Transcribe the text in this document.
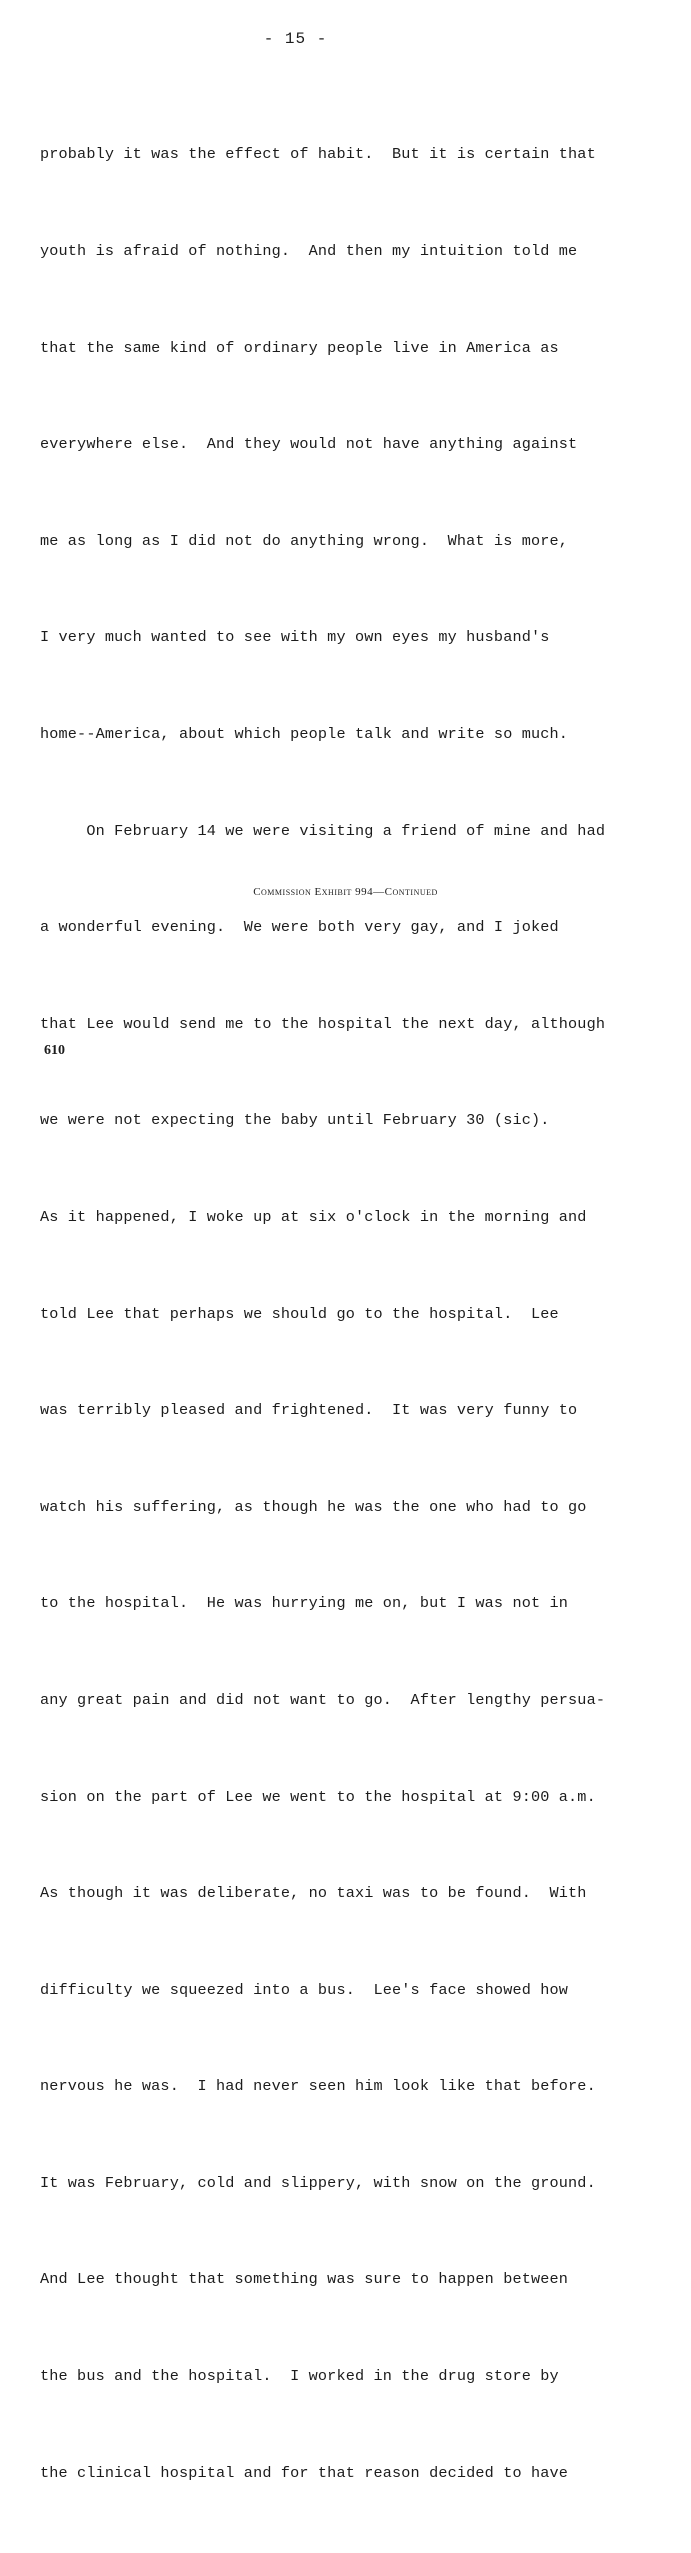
- 15 -

probably it was the effect of habit.  But it is certain that

youth is afraid of nothing.  And then my intuition told me

that the same kind of ordinary people live in America as

everywhere else.  And they would not have anything against

me as long as I did not do anything wrong.  What is more,

I very much wanted to see with my own eyes my husband's

home--America, about which people talk and write so much.

On February 14 we were visiting a friend of mine and had

a wonderful evening.  We were both very gay, and I joked

that Lee would send me to the hospital the next day, although

we were not expecting the baby until February 30 (sic).

As it happened, I woke up at six o'clock in the morning and

told Lee that perhaps we should go to the hospital.  Lee

was terribly pleased and frightened.  It was very funny to

watch his suffering, as though he was the one who had to go

to the hospital.  He was hurrying me on, but I was not in

any great pain and did not want to go.  After lengthy persua-

sion on the part of Lee we went to the hospital at 9:00 a.m.

As though it was deliberate, no taxi was to be found.  With

difficulty we squeezed into a bus.  Lee's face showed how

nervous he was.  I had never seen him look like that before.

It was February, cold and slippery, with snow on the ground.

And Lee thought that something was sure to happen between

the bus and the hospital.  I worked in the drug store by

the clinical hospital and for that reason decided to have

Commission Exhibit 994—Continued
610
